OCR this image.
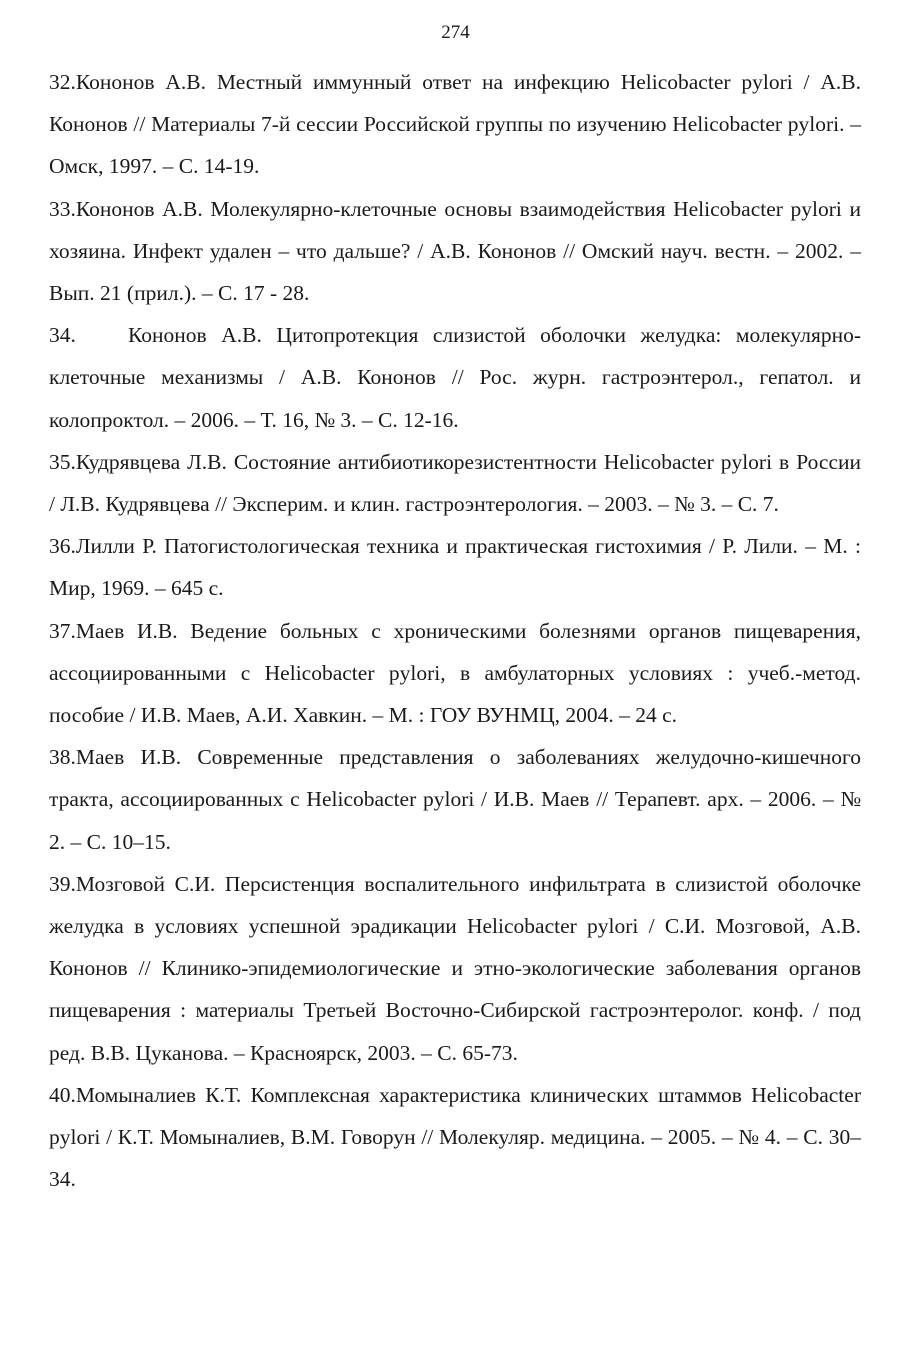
274

32.Кононов А.В. Местный иммунный ответ на инфекцию Helicobacter pylori / А.В. Кононов // Материалы 7-й сессии Российской группы по изучению Helicobacter pylori. – Омск, 1997. – С. 14-19.

33.Кононов А.В. Молекулярно-клеточные основы взаимодействия Helicobacter pylori и хозяина. Инфект удален – что дальше? / А.В. Кононов // Омский науч. вестн. – 2002. – Вып. 21 (прил.). – С. 17 - 28.

34. Кононов А.В. Цитопротекция слизистой оболочки желудка: молекулярно-клеточные механизмы / А.В. Кононов // Рос. журн. гастроэнтерол., гепатол. и колопроктол. – 2006. – Т. 16, № 3. – С. 12-16.

35.Кудрявцева Л.В. Состояние антибиотикорезистентности Helicobacter pylori в России / Л.В. Кудрявцева // Эксперим. и клин. гастроэнтерология. – 2003. – № 3. – С. 7.

36.Лилли Р. Патогистологическая техника и практическая гистохимия / Р. Лили. – М. : Мир, 1969. – 645 с.

37.Маев И.В. Ведение больных с хроническими болезнями органов пищеварения, ассоциированными с Helicobacter pylori, в амбулаторных условиях : учеб.-метод. пособие / И.В. Маев, А.И. Хавкин. – М. : ГОУ ВУНМЦ, 2004. – 24 с.

38.Маев И.В. Современные представления о заболеваниях желудочно-кишечного тракта, ассоциированных с Helicobacter pylori / И.В. Маев // Терапевт. арх. – 2006. – № 2. – С. 10–15.

39.Мозговой С.И. Персистенция воспалительного инфильтрата в слизистой оболочке желудка в условиях успешной эрадикации Helicobacter pylori / С.И. Мозговой, А.В. Кононов // Клинико-эпидемиологические и этно-экологические заболевания органов пищеварения : материалы Третьей Восточно-Сибирской гастроэнтеролог. конф. / под ред. В.В. Цуканова. – Красноярск, 2003. – С. 65-73.

40.Момыналиев К.Т. Комплексная характеристика клинических штаммов Helicobacter pylori / К.Т. Момыналиев, В.М. Говорун // Молекуляр. медицина. – 2005. – № 4. – С. 30–34.
